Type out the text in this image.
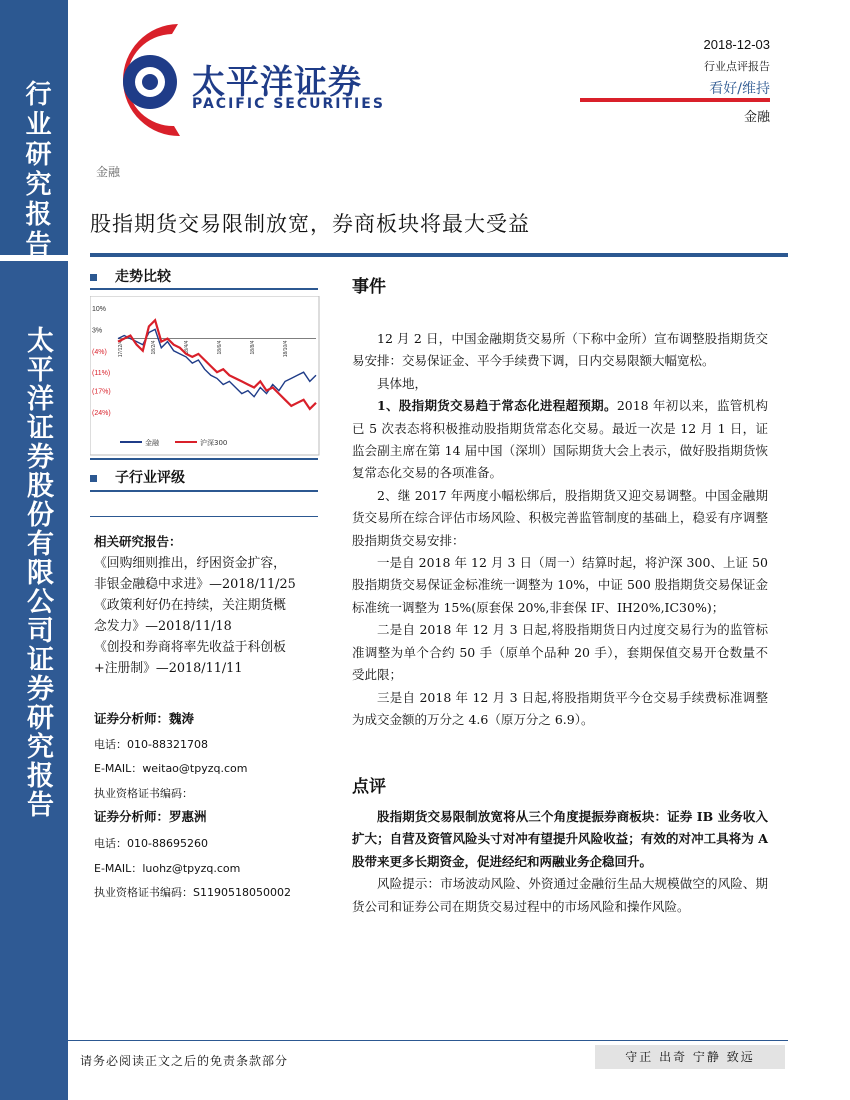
行业研究报告
太平洋证券股份有限公司证券研究报告
太平洋证券
PACIFIC SECURITIES
2018-12-03
行业点评报告
看好/维持
金融
金融
股指期货交易限制放宽，券商板块将最大受益
走势比较
10%
3%
(4%)
(11%)
(17%)
(24%)
17/12/4	18/2/4	18/4/4	18/6/4	18/8/4	18/10/4
金融	沪深300
子行业评级
相关研究报告：
《回购细则推出，纾困资金扩容，
非银金融稳中求进》—2018/11/25
《政策利好仍在持续，关注期货概
念发力》—2018/11/18
《创投和券商将率先收益于科创板
+注册制》—2018/11/11
证券分析师：魏涛
电话：010-88321708
E-MAIL：weitao@tpyzq.com
执业资格证书编码：
证券分析师：罗惠洲
电话：010-88695260
E-MAIL：luohz@tpyzq.com
执业资格证书编码：S1190518050002
事件

12 月 2 日，中国金融期货交易所（下称中金所）宣布调整股指期货交易安排：交易保证金、平今手续费下调，日内交易限额大幅宽松。

具体地，

1、股指期货交易趋于常态化进程超预期。2018 年初以来，监管机构已 5 次表态将积极推动股指期货常态化交易。最近一次是 12 月 1 日，证监会副主席在第 14 届中国（深圳）国际期货大会上表示，做好股指期货恢复常态化交易的各项准备。

2、继 2017 年两度小幅松绑后，股指期货又迎交易调整。中国金融期货交易所在综合评估市场风险、积极完善监管制度的基础上，稳妥有序调整股指期货交易安排：

一是自 2018 年 12 月 3 日（周一）结算时起，将沪深 300、上证 50 股指期货交易保证金标准统一调整为 10%，中证 500 股指期货交易保证金标准统一调整为 15%(原套保 20%,非套保 IF、IH20%,IC30%)；

二是自 2018 年 12 月 3 日起,将股指期货日内过度交易行为的监管标准调整为单个合约 50 手（原单个品种 20 手），套期保值交易开仓数量不受此限；

三是自 2018 年 12 月 3 日起,将股指期货平今仓交易手续费标准调整为成交金额的万分之 4.6（原万分之 6.9）。

点评

股指期货交易限制放宽将从三个角度提振券商板块：证券 IB 业务收入扩大；自营及资管风险头寸对冲有望提升风险收益；有效的对冲工具将为 A 股带来更多长期资金，促进经纪和两融业务企稳回升。

风险提示：市场波动风险、外资通过金融衍生品大规模做空的风险、期货公司和证券公司在期货交易过程中的市场风险和操作风险。

请务必阅读正文之后的免责条款部分	守正 出奇 宁静 致远
